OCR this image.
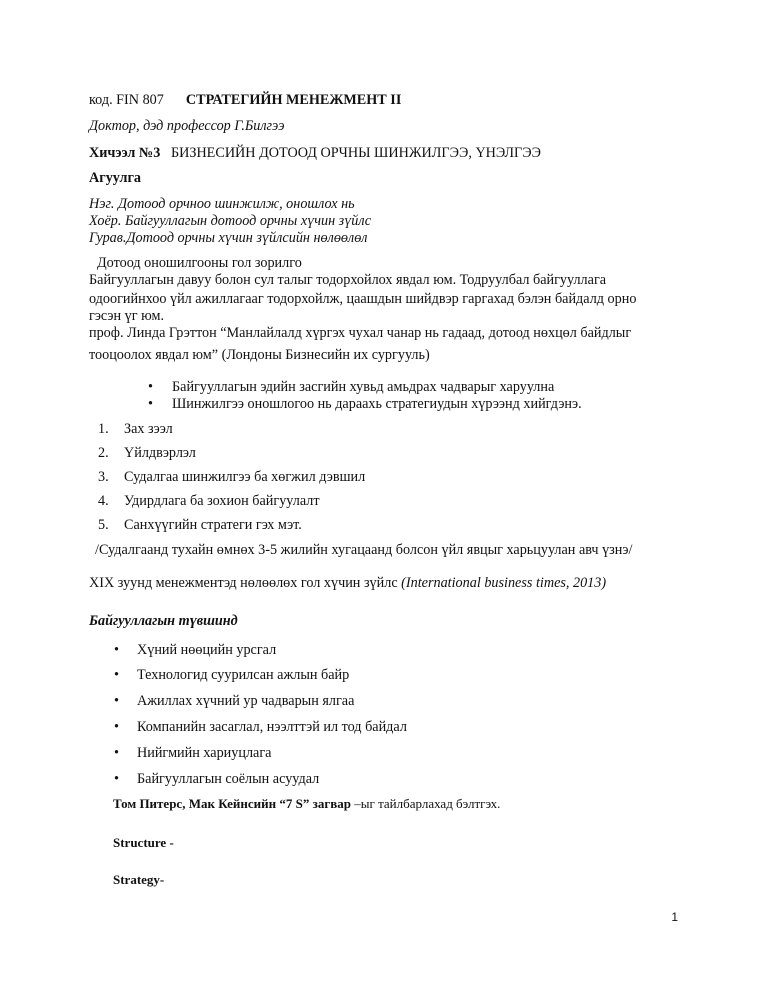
код. FIN 807 СТРАТЕГИЙН МЕНЕЖМЕНТ II
Доктор, дэд профессор Г.Билгээ
Хичээл №3 БИЗНЕСИЙН ДОТООД ОРЧНЫ ШИНЖИЛГЭЭ, ҮНЭЛГЭЭ
Агуулга
Нэг. Дотоод орчноо шинжилж, оношлох нь
Хоёр. Байгууллагын дотоод орчны хүчин зүйлс
Гурав.Дотоод орчны хүчин зүйлсийн нөлөөлөл
Дотоод оношилгооны гол зорилго
Байгууллагын давуу болон сул талыг тодорхойлох явдал юм. Тодруулбал байгууллага
одоогийнхоо үйл ажиллагааг тодорхойлж, цаашдын шийдвэр гаргахад бэлэн байдалд орно
гэсэн үг юм.
проф. Линда Грэттон “Манлайлалд хүргэх чухал чанар нь гадаад, дотоод нөхцөл байдлыг
тооцоолох явдал юм” (Лондоны Бизнесийн их сургууль)
• Байгууллагын эдийн засгийн хувьд амьдрах чадварыг харуулна
• Шинжилгээ оношлогоо нь дараахь стратегиудын хүрээнд хийгдэнэ.
1. Зах зээл
2. Үйлдвэрлэл
3. Судалгаа шинжилгээ ба хөгжил дэвшил
4. Удирдлага ба зохион байгуулалт
5. Санхүүгийн стратеги гэх мэт.
/Судалгаанд тухайн өмнөх 3-5 жилийн хугацаанд болсон үйл явцыг харьцуулан авч үзнэ/
XIX зуунд менежментэд нөлөөлөх гол хүчин зүйлс (International business times, 2013)
Байгууллагын түвшинд
• Хүний нөөцийн урсгал
• Технологид суурилсан ажлын байр
• Ажиллах хүчний ур чадварын ялгаа
• Компанийн засаглал, нээлттэй ил тод байдал
• Нийгмийн хариуцлага
• Байгууллагын соёлын асуудал
Том Питерс, Мак Кейнсийн “7 S” загвар –ыг тайлбарлахад бэлтгэх.
Structure -
Strategy-
1
